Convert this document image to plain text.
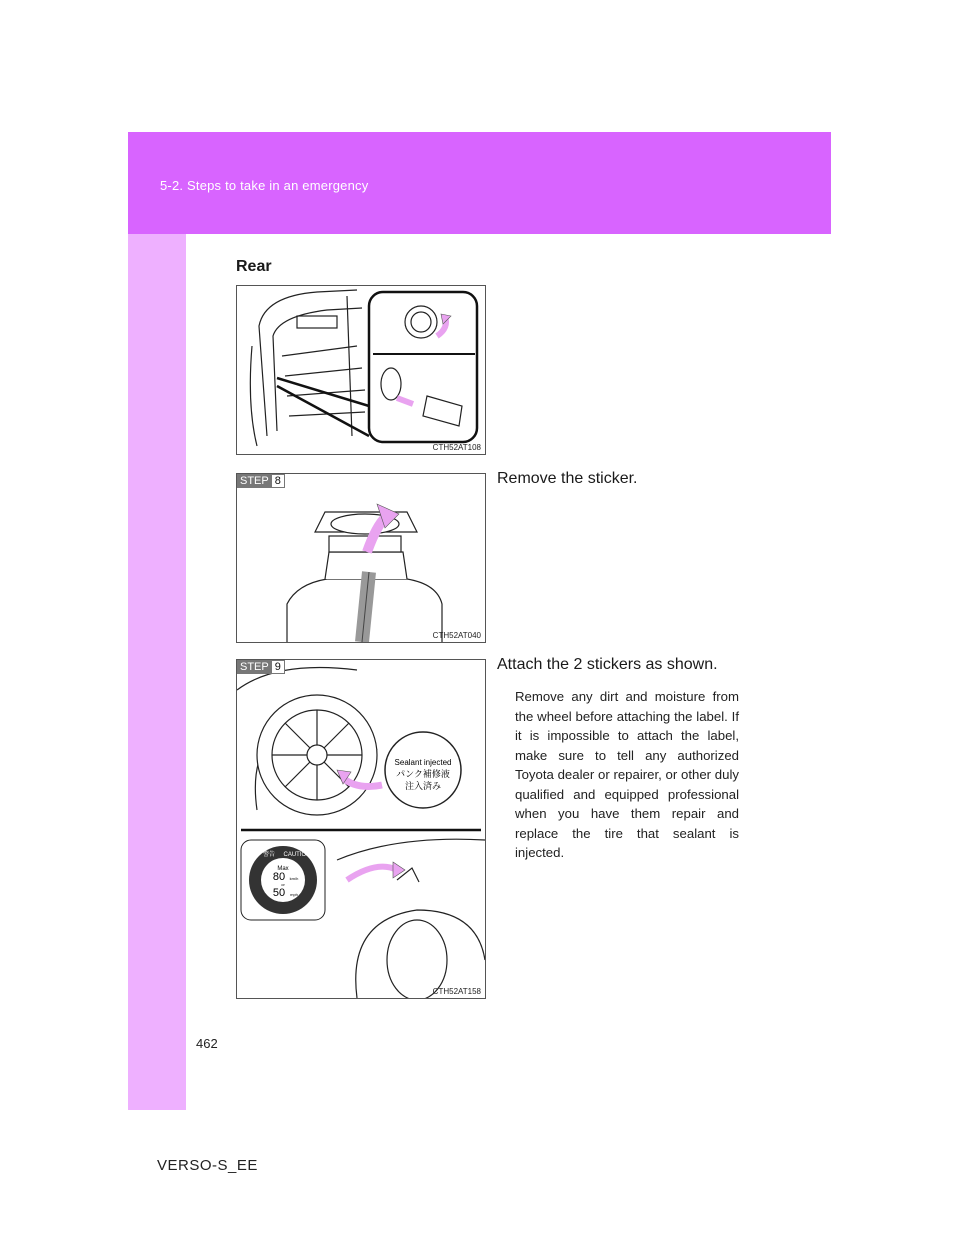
5-2. Steps to take in an emergency
Rear
CTH52AT108
STEP 8
CTH52AT040
Remove the sticker.
Sealant injected
パンク補修液
注入済み
Max
80 km/h
or
50 mph
CAUTION
警告
STEP 9
CTH52AT158
Attach the 2 stickers as shown.
Remove any dirt and moisture from the wheel before attaching the label. If it is impossible to attach the label, make sure to tell any authorized Toyota dealer or repairer, or other duly qualified and equipped professional when you have them repair and replace the tire that sealant is injected.
462
VERSO-S_EE
